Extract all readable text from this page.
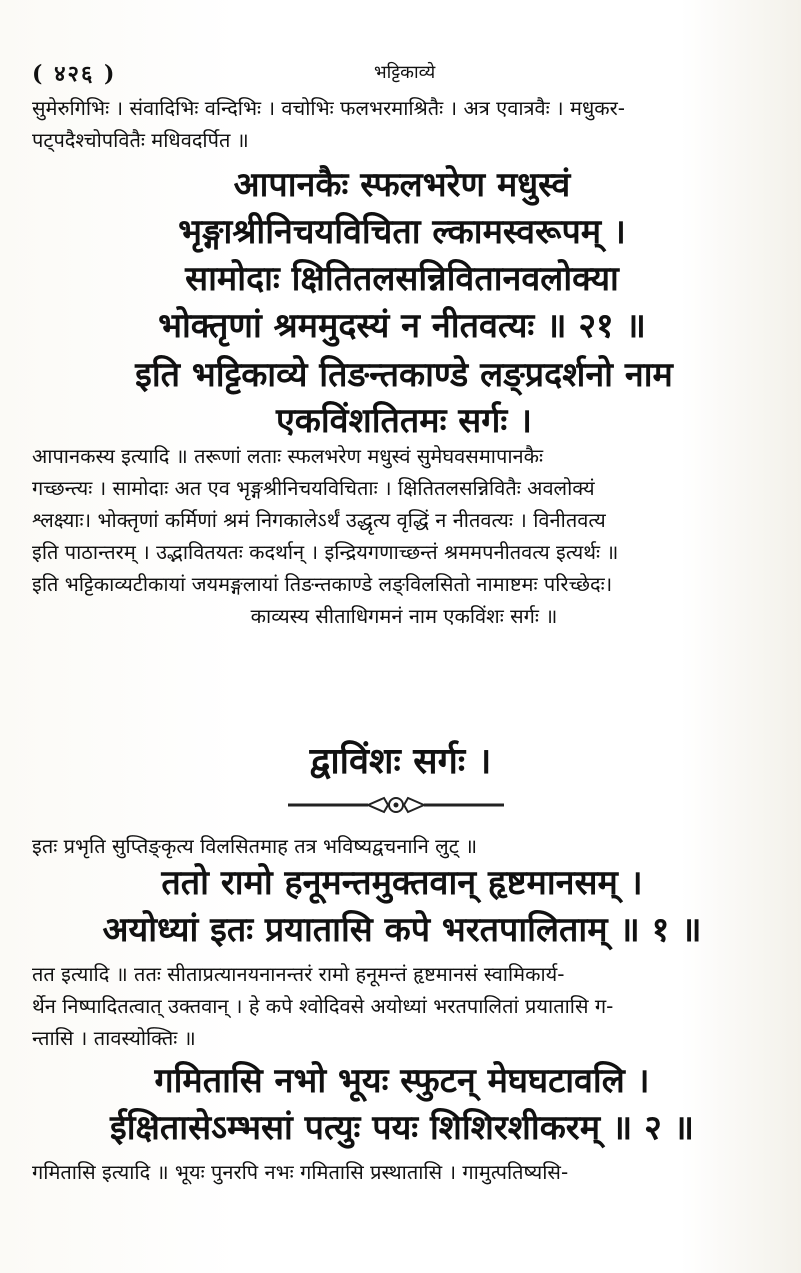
( ४२६ )	भट्टिकाव्ये
सुमेरुगिभिः । संवादिभिः वन्दिभिः । वचोभिः फलभरमाश्रितैः । अत्र एवात्रवैः । मधुकर-
पट्पदैश्चोपवितैः मधिवदर्पित ॥
आपानकैः स्फलभरेण मधुस्वं
भृङ्गाश्रीनिचयविचिता ल्कामस्वरूपम् ।
सामोदाः क्षितितलसन्निवितानवलोक्या
भोक्तृणां श्रममुदस्यं न नीतवत्यः ॥ २१ ॥
इति भट्टिकाव्ये तिङन्तकाण्डे लङ्प्रदर्शनो नाम
एकविंशतितमः सर्गः ।
आपानकस्य इत्यादि ॥ तरूणां लताः स्फलभरेण मधुस्वं सुमेघवसमापानकैः
गच्छन्त्यः । सामोदाः अत एव भृङ्गश्रीनिचयविचिताः । क्षितितलसन्निवितैः अवलोक्यं
श्लक्ष्याः। भोक्तृणां कर्मिणां श्रमं निगकालेऽर्थं उद्धृत्य वृद्धिं न नीतवत्यः । विनीतवत्य
इति पाठान्तरम् । उद्भावितयतः कदर्थान् । इन्द्रियगणाच्छन्तं श्रममपनीतवत्य इत्यर्थः ॥
इति भट्टिकाव्यटीकायां जयमङ्गलायां तिङन्तकाण्डे लङ्विलसितो नामाष्टमः परिच्छेदः।
काव्यस्य सीताधिगमनं नाम एकविंशः सर्गः ॥
द्वाविंशः सर्गः ।
इतः प्रभृति सुप्तिङ्कृत्य विलसितमाह तत्र भविष्यद्वचनानि लुट् ॥
ततो रामो हनूमन्तमुक्तवान् हृष्टमानसम् ।
अयोध्यां इतः प्रयातासि कपे भरतपालिताम् ॥ १ ॥
तत इत्यादि ॥ ततः सीताप्रत्यानयनानन्तरं रामो हनूमन्तं हृष्टमानसं स्वामिकार्य-
र्थेन निष्पादितत्वात् उक्तवान् । हे कपे श्वोदिवसे अयोध्यां भरतपालितां प्रयातासि ग-
न्तासि । तावस्योक्तिः ॥
गमितासि नभो भूयः स्फुटन् मेघघटावलि ।
ईक्षितासेऽम्भसां पत्युः पयः शिशिरशीकरम् ॥ २ ॥
गमितासि इत्यादि ॥ भूयः पुनरपि नभः गमितासि प्रस्थातासि । गामुत्पतिष्यसि-
